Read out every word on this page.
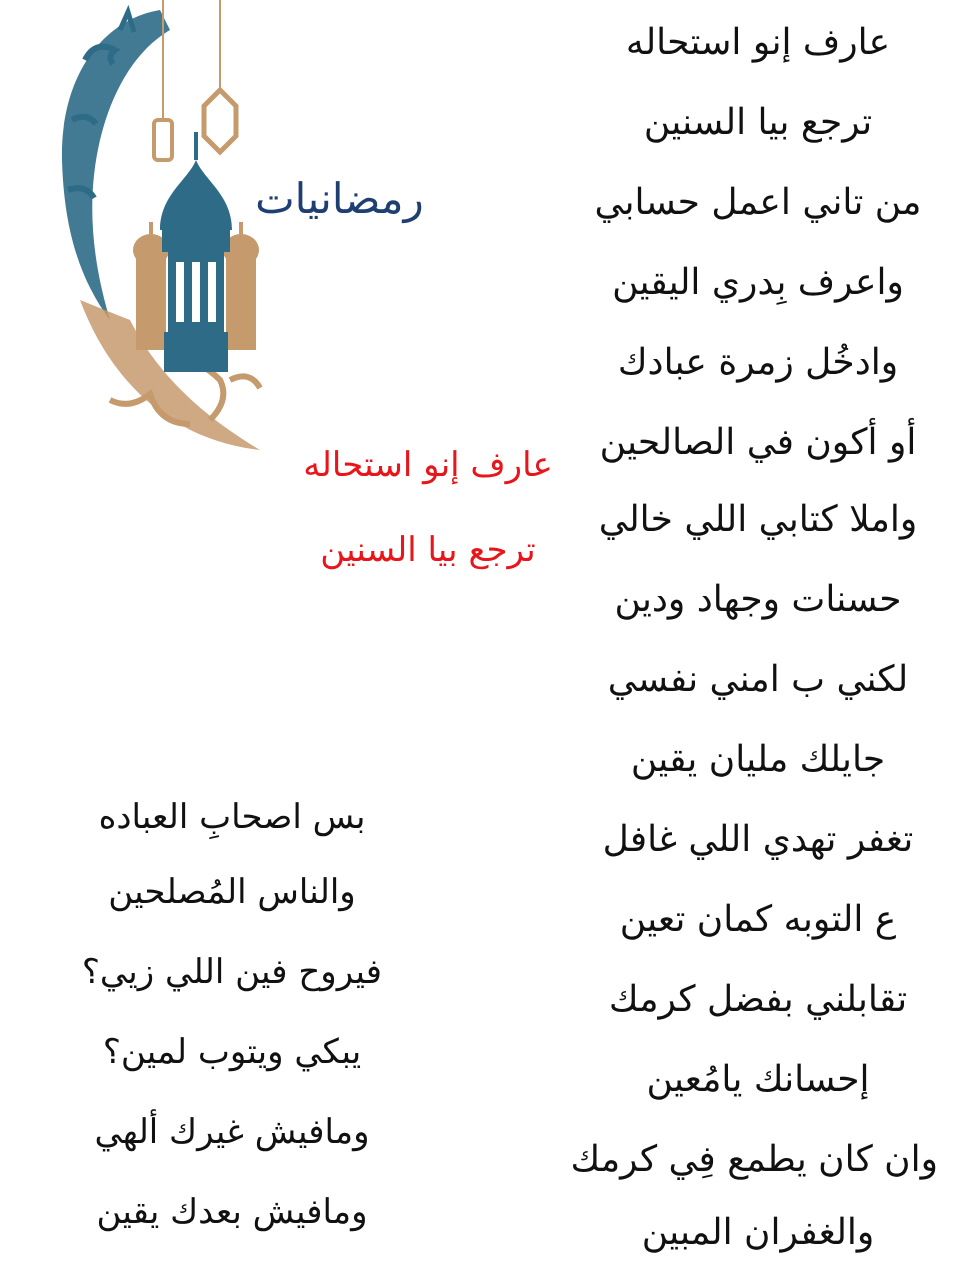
رمضانيات
عارف إنو استحاله
ترجع بيا السنين
عارف إنو استحاله
ترجع بيا السنين
من تاني اعمل حسابي
واعرف بِدري اليقين
وادخُل زمرة عبادك
أو أكون في الصالحين
واملا كتابي اللي خالي
حسنات وجهاد ودين
لكني ب امني نفسي
جايلك مليان يقين
تغفر تهدي اللي غافل
ع التوبه كمان تعين
تقابلني بفضل كرمك
إحسانك يامُعين
وان كان يطمع فِي كرمك
والغفران المبين
بس اصحابِ العباده
والناس المُصلحين
فيروح فين اللي زيي؟
يبكي ويتوب لمين؟
ومافيش غيرك ألهي
ومافيش بعدك يقين
